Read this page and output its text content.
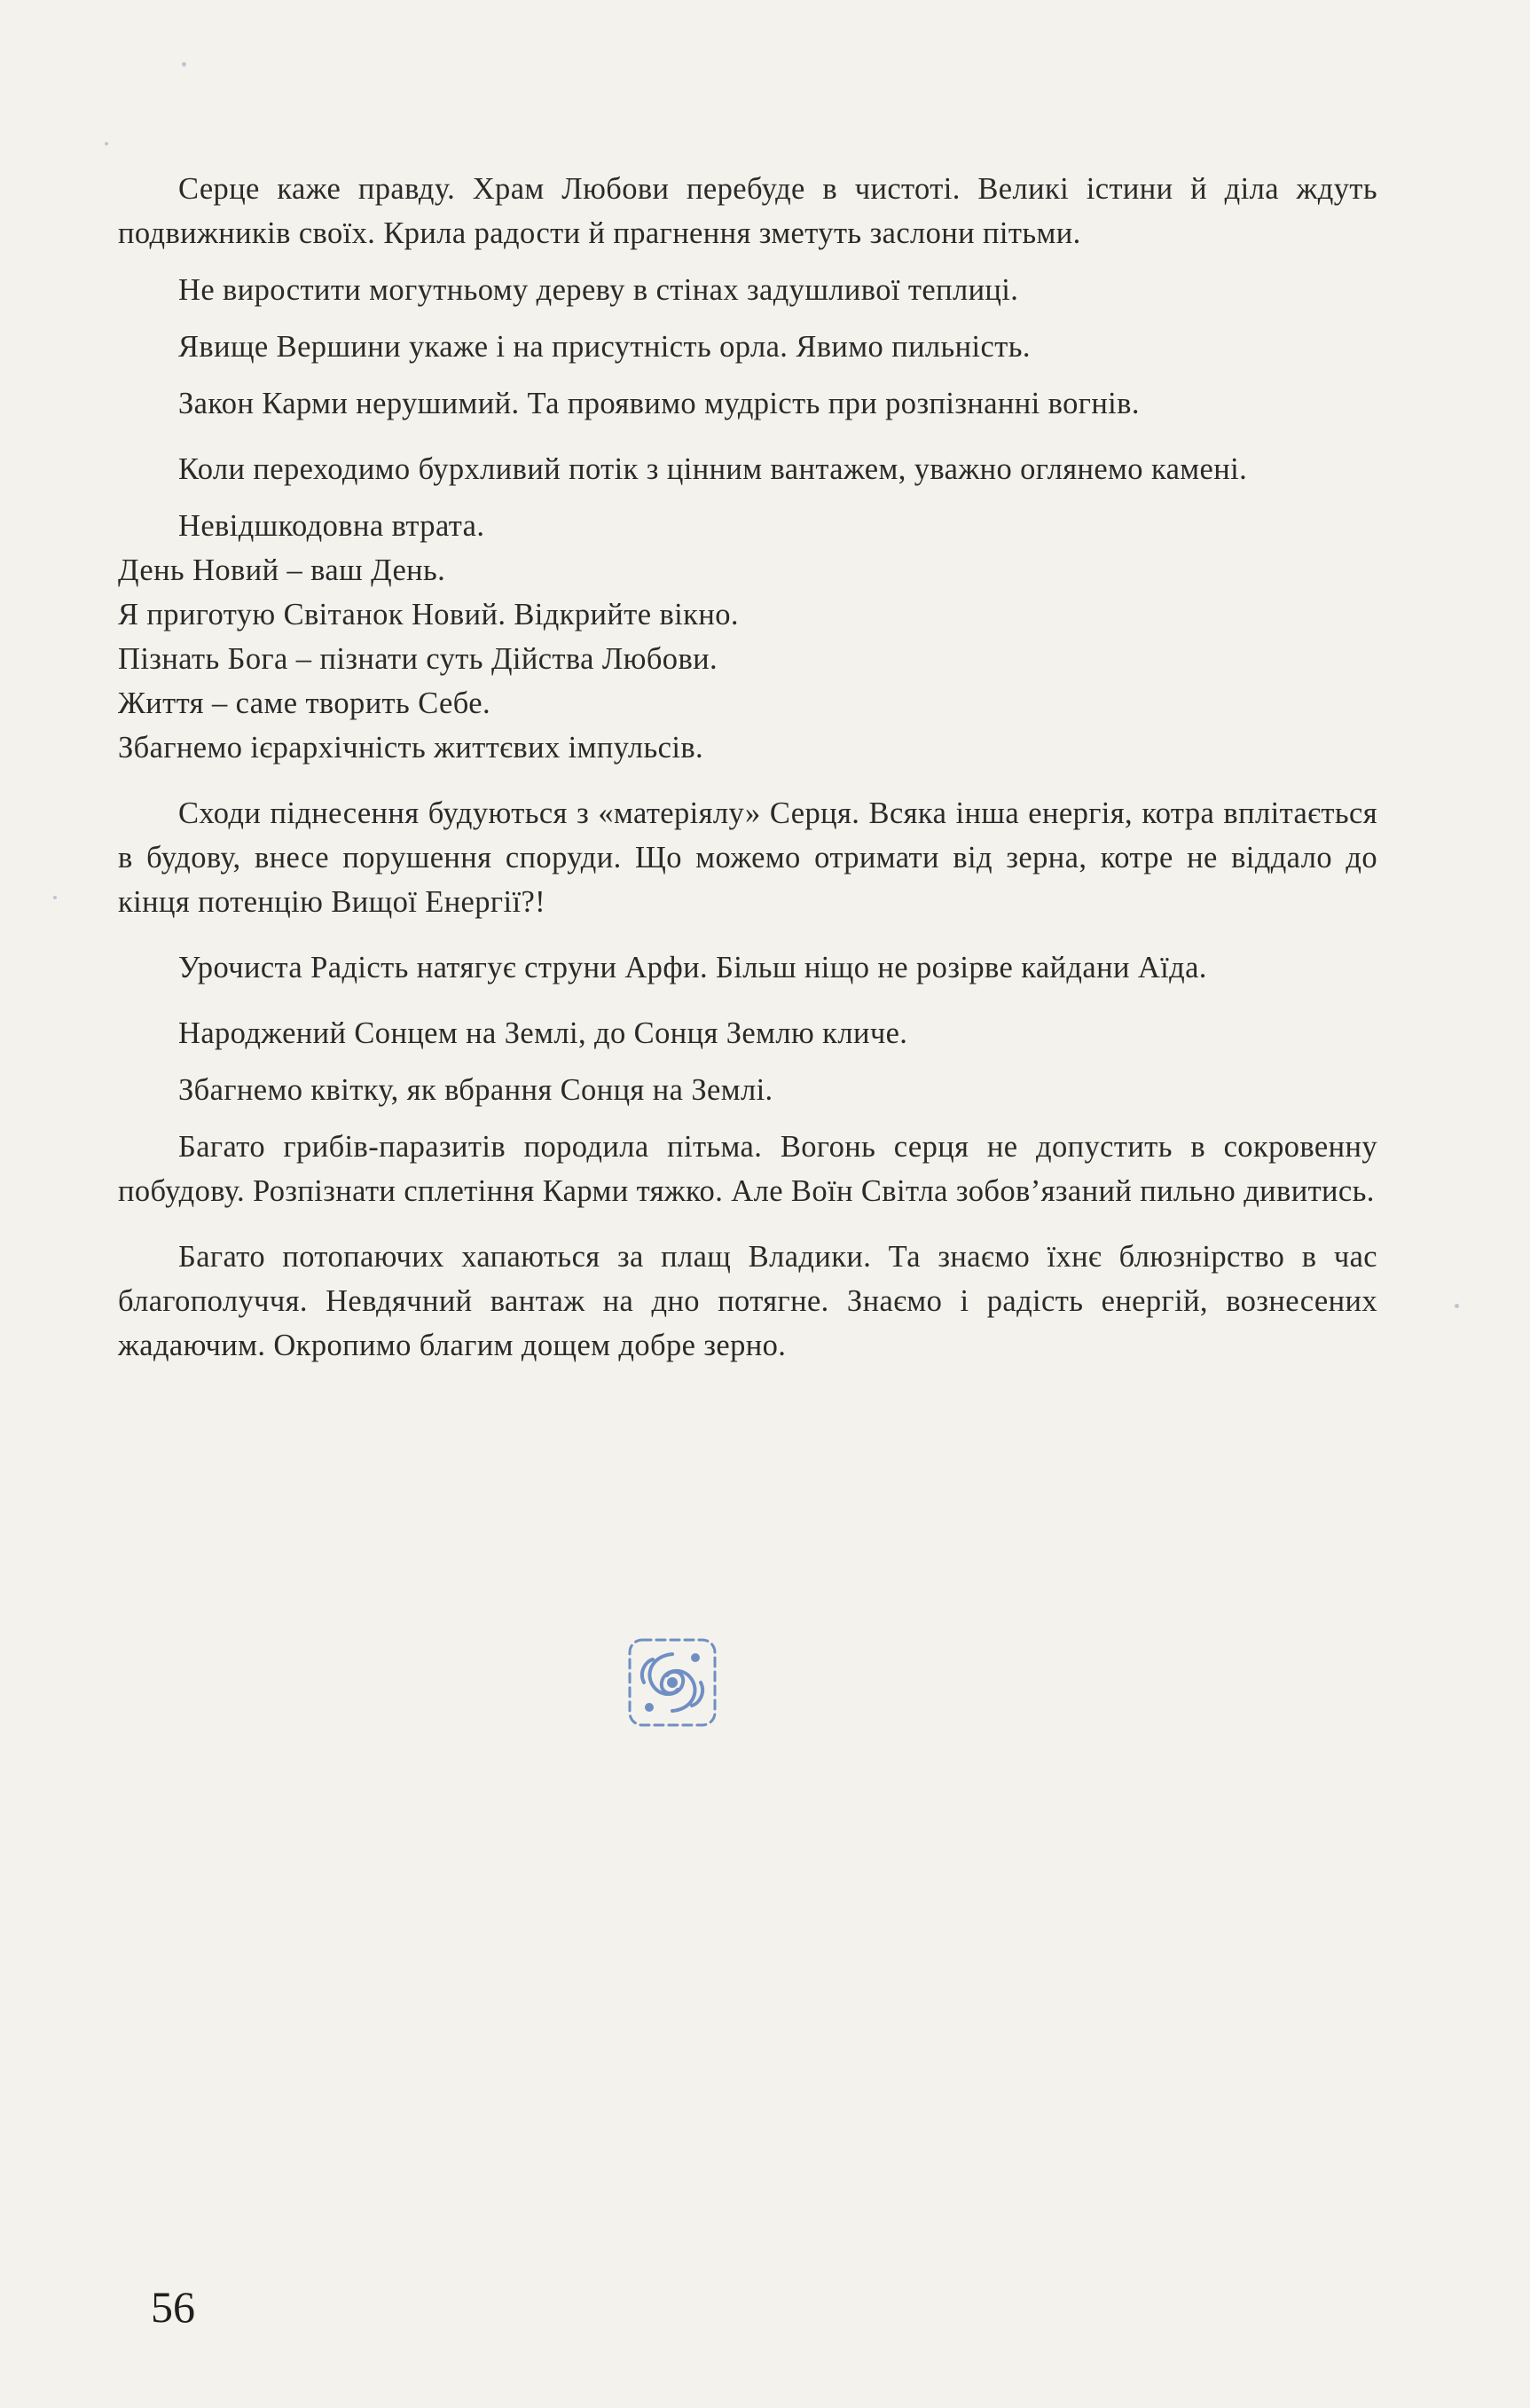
Серце каже правду. Храм Любови перебуде в чистоті. Великі істини й діла ждуть подвижників своїх. Крила радости й прагнення зметуть заслони пітьми.

Не виростити могутньому дереву в стінах задушливої теплиці.

Явище Вершини укаже і на присутність орла. Явимо пильність.

Закон Карми нерушимий. Та проявимо мудрість при розпізнанні вогнів.

Коли переходимо бурхливий потік з цінним вантажем, уважно оглянемо камені.

Невідшкодовна втрата.

День Новий – ваш День.

Я приготую Світанок Новий. Відкрийте вікно.

Пізнать Бога – пізнати суть Дійства Любови.

Життя – саме творить Себе.

Збагнемо ієрархічність життєвих імпульсів.

Сходи піднесення будуються з «матеріялу» Серця. Всяка інша енергія, котра вплітається в будову, внесе порушення споруди. Що можемо отримати від зерна, котре не віддало до кінця потенцію Вищої Енергії?!

Урочиста Радість натягує струни Арфи. Більш ніщо не розірве кайдани Аїда.

Народжений Сонцем на Землі, до Сонця Землю кличе.

Збагнемо квітку, як вбрання Сонця на Землі.

Багато грибів-паразитів породила пітьма. Вогонь серця не допустить в сокровенну побудову. Розпізнати сплетіння Карми тяжко. Але Воїн Світла зобов’язаний пильно дивитись.

Багато потопаючих хапаються за плащ Владики. Та знаємо їхнє блюзнірство в час благополуччя. Невдячний вантаж на дно потягне. Знаємо і радість енергій, вознесених жадаючим. Окропимо благим дощем добре зерно.

56
